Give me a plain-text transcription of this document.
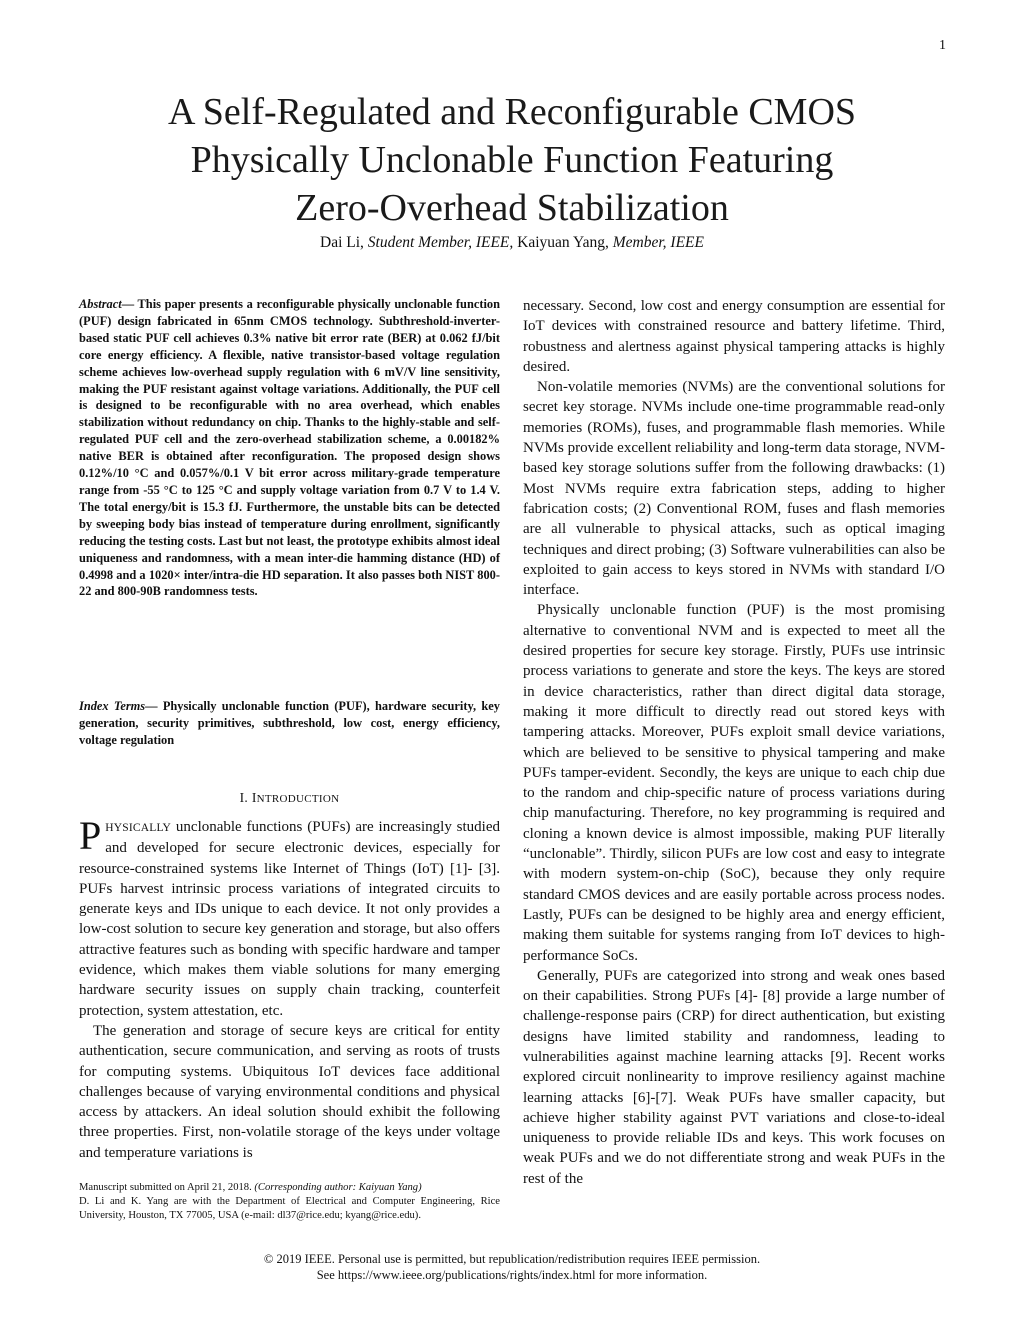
1
A Self-Regulated and Reconfigurable CMOS
Physically Unclonable Function Featuring
Zero-Overhead Stabilization
Dai Li, Student Member, IEEE, Kaiyuan Yang, Member, IEEE
Abstract— This paper presents a reconfigurable physically unclonable function (PUF) design fabricated in 65nm CMOS technology. Subthreshold-inverter-based static PUF cell achieves 0.3% native bit error rate (BER) at 0.062 fJ/bit core energy efficiency. A flexible, native transistor-based voltage regulation scheme achieves low-overhead supply regulation with 6 mV/V line sensitivity, making the PUF resistant against voltage variations. Additionally, the PUF cell is designed to be reconfigurable with no area overhead, which enables stabilization without redundancy on chip. Thanks to the highly-stable and self-regulated PUF cell and the zero-overhead stabilization scheme, a 0.00182% native BER is obtained after reconfiguration. The proposed design shows 0.12%/10 °C and 0.057%/0.1 V bit error across military-grade temperature range from -55 °C to 125 °C and supply voltage variation from 0.7 V to 1.4 V. The total energy/bit is 15.3 fJ. Furthermore, the unstable bits can be detected by sweeping body bias instead of temperature during enrollment, significantly reducing the testing costs. Last but not least, the prototype exhibits almost ideal uniqueness and randomness, with a mean inter-die hamming distance (HD) of 0.4998 and a 1020× inter/intra-die HD separation. It also passes both NIST 800-22 and 800-90B randomness tests.
Index Terms— Physically unclonable function (PUF), hardware security, key generation, security primitives, subthreshold, low cost, energy efficiency, voltage regulation
I. INTRODUCTION

PHYSICALLY unclonable functions (PUFs) are increasingly studied and developed for secure electronic devices, especially for resource-constrained systems like Internet of Things (IoT) [1]- [3]. PUFs harvest intrinsic process variations of integrated circuits to generate keys and IDs unique to each device. It not only provides a low-cost solution to secure key generation and storage, but also offers attractive features such as bonding with specific hardware and tamper evidence, which makes them viable solutions for many emerging hardware security issues on supply chain tracking, counterfeit protection, system attestation, etc.

The generation and storage of secure keys are critical for entity authentication, secure communication, and serving as roots of trusts for computing systems. Ubiquitous IoT devices face additional challenges because of varying environmental conditions and physical access by attackers. An ideal solution should exhibit the following three properties. First, non-volatile storage of the keys under voltage and temperature variations is

necessary. Second, low cost and energy consumption are essential for IoT devices with constrained resource and battery lifetime. Third, robustness and alertness against physical tampering attacks is highly desired.

Non-volatile memories (NVMs) are the conventional solutions for secret key storage. NVMs include one-time programmable read-only memories (ROMs), fuses, and programmable flash memories. While NVMs provide excellent reliability and long-term data storage, NVM-based key storage solutions suffer from the following drawbacks: (1) Most NVMs require extra fabrication steps, adding to higher fabrication costs; (2) Conventional ROM, fuses and flash memories are all vulnerable to physical attacks, such as optical imaging techniques and direct probing; (3) Software vulnerabilities can also be exploited to gain access to keys stored in NVMs with standard I/O interface.

Physically unclonable function (PUF) is the most promising alternative to conventional NVM and is expected to meet all the desired properties for secure key storage. Firstly, PUFs use intrinsic process variations to generate and store the keys. The keys are stored in device characteristics, rather than direct digital data storage, making it more difficult to directly read out stored keys with tampering attacks. Moreover, PUFs exploit small device variations, which are believed to be sensitive to physical tampering and make PUFs tamper-evident. Secondly, the keys are unique to each chip due to the random and chip-specific nature of process variations during chip manufacturing. Therefore, no key programming is required and cloning a known device is almost impossible, making PUF literally “unclonable”. Thirdly, silicon PUFs are low cost and easy to integrate with modern system-on-chip (SoC), because they only require standard CMOS devices and are easily portable across process nodes. Lastly, PUFs can be designed to be highly area and energy efficient, making them suitable for systems ranging from IoT devices to high-performance SoCs.

Generally, PUFs are categorized into strong and weak ones based on their capabilities. Strong PUFs [4]- [8] provide a large number of challenge-response pairs (CRP) for direct authentication, but existing designs have limited stability and randomness, leading to vulnerabilities against machine learning attacks [9]. Recent works explored circuit nonlinearity to improve resiliency against machine learning attacks [6]-[7]. Weak PUFs have smaller capacity, but achieve higher stability against PVT variations and close-to-ideal uniqueness to provide reliable IDs and keys. This work focuses on weak PUFs and we do not differentiate strong and weak PUFs in the rest of the

Manuscript submitted on April 21, 2018. (Corresponding author: Kaiyuan Yang)
D. Li and K. Yang are with the Department of Electrical and Computer Engineering, Rice University, Houston, TX 77005, USA (e-mail: dl37@rice.edu; kyang@rice.edu).
© 2019 IEEE. Personal use is permitted, but republication/redistribution requires IEEE permission.
See https://www.ieee.org/publications/rights/index.html for more information.
